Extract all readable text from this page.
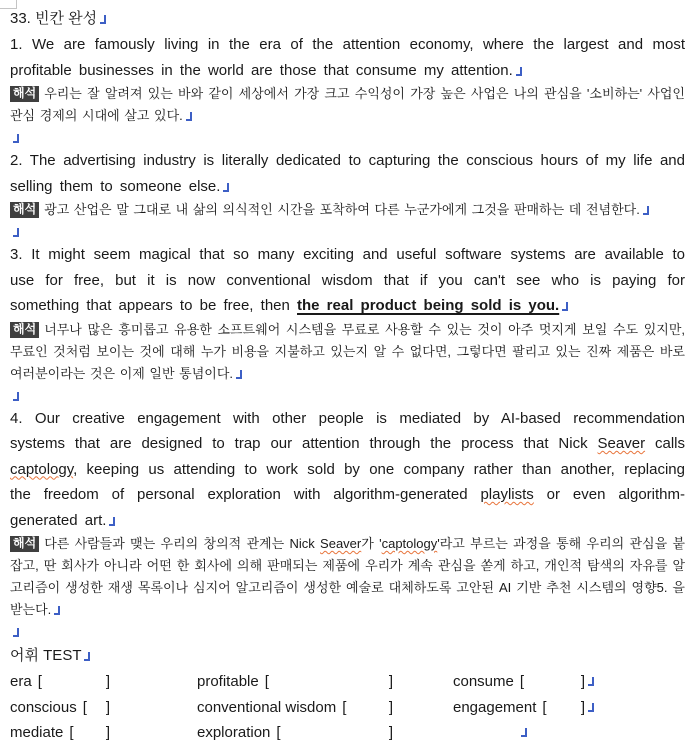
33. 빈칸 완성

1. We are famously living in the era of the attention economy, where the largest and most profitable businesses in the world are those that consume my attention.

해석 우리는 잘 알려져 있는 바와 같이 세상에서 가장 크고 수익성이 가장 높은 사업은 나의 관심을 '소비하는' 사업인 관심 경제의 시대에 살고 있다.

2. The advertising industry is literally dedicated to capturing the conscious hours of my life and selling them to someone else.

해석 광고 산업은 말 그대로 내 삶의 의식적인 시간을 포착하여 다른 누군가에게 그것을 판매하는 데 전념한다.

3. It might seem magical that so many exciting and useful software systems are available to use for free, but it is now conventional wisdom that if you can't see who is paying for something that appears to be free, then the real product being sold is you.

해석 너무나 많은 흥미롭고 유용한 소프트웨어 시스템을 무료로 사용할 수 있는 것이 아주 멋지게 보일 수도 있지만, 무료인 것처럼 보이는 것에 대해 누가 비용을 지불하고 있는지 알 수 없다면, 그렇다면 팔리고 있는 진짜 제품은 바로 여러분이라는 것은 이제 일반 통념이다.

4. Our creative engagement with other people is mediated by AI-based recommendation systems that are designed to trap our attention through the process that Nick Seaver calls captology, keeping us attending to work sold by one company rather than another, replacing the freedom of personal exploration with algorithm-generated playlists or even algorithm-generated art.

해석 다른 사람들과 맺는 우리의 창의적 관계는 Nick Seaver가 'captology'라고 부르는 과정을 통해 우리의 관심을 붙잡고, 딴 회사가 아니라 어떤 한 회사에 의해 판매되는 제품에 우리가 계속 관심을 쏟게 하고, 개인적 탐색의 자유를 알고리즘이 생성한 재생 목록이나 심지어 알고리즘이 생성한 예술로 대체하도록 고안된 AI 기반 추천 시스템의 영향5. 을 받는다.

어휘 TEST

era [	]	profitable [	]	consume [	]
conscious [ ]	conventional wisdom [	]	engagement [ ]
mediate [ ]	exploration [	]
